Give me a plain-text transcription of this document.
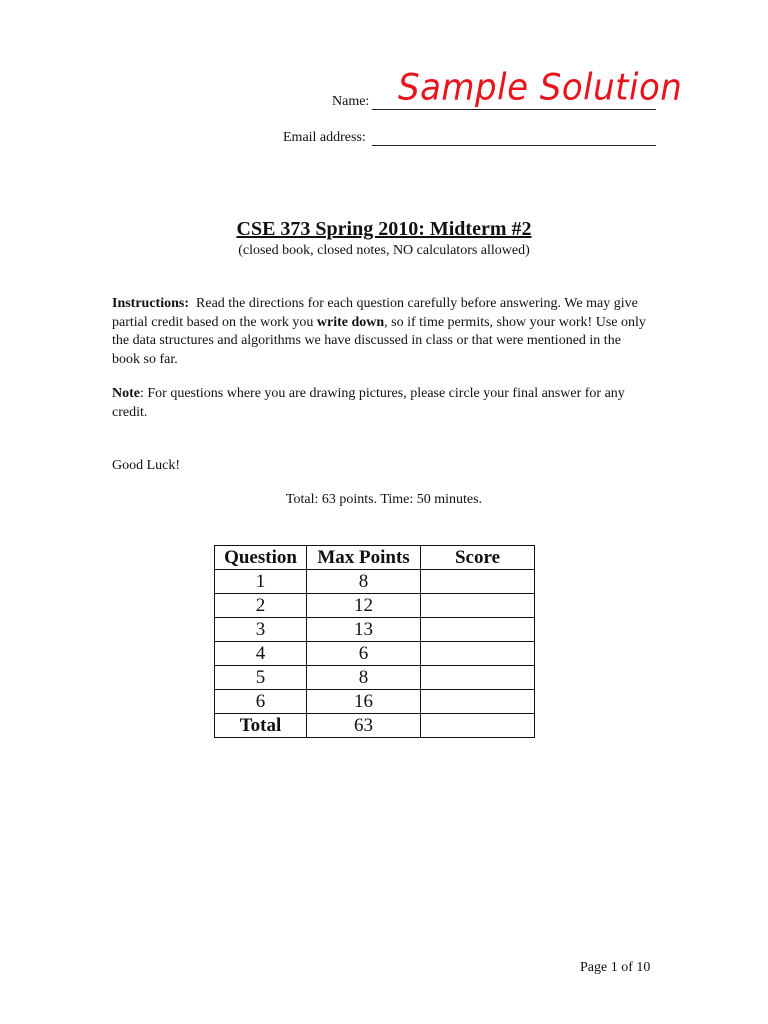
Name: Sample Solution
Email address:
CSE 373 Spring 2010: Midterm #2
(closed book, closed notes, NO calculators allowed)
Instructions: Read the directions for each question carefully before answering. We may give partial credit based on the work you write down, so if time permits, show your work! Use only the data structures and algorithms we have discussed in class or that were mentioned in the book so far.
Note: For questions where you are drawing pictures, please circle your final answer for any credit.
Good Luck!
Total: 63 points. Time: 50 minutes.
Question	Max Points	Score
1	8	
2	12	
3	13	
4	6	
5	8	
6	16	
Total	63	
Page 1 of 10
